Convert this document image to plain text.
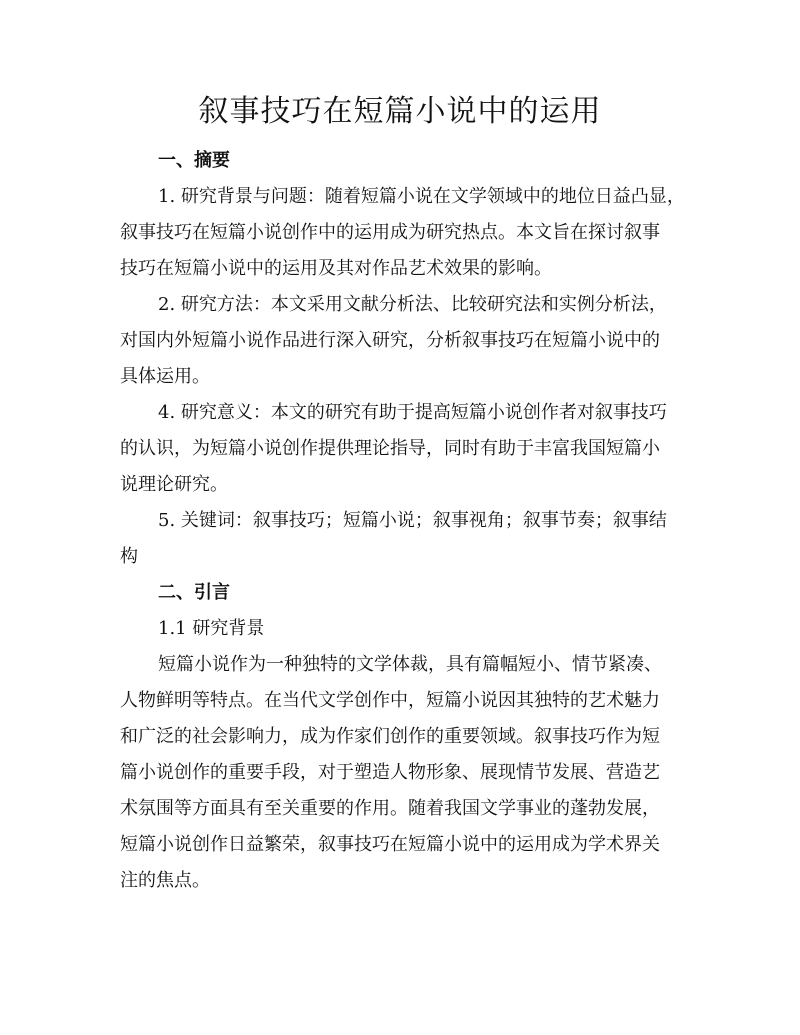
叙事技巧在短篇小说中的运用

一、摘要

1. 研究背景与问题：随着短篇小说在文学领域中的地位日益凸显，

叙事技巧在短篇小说创作中的运用成为研究热点。本文旨在探讨叙事

技巧在短篇小说中的运用及其对作品艺术效果的影响。

2. 研究方法：本文采用文献分析法、比较研究法和实例分析法，

对国内外短篇小说作品进行深入研究，分析叙事技巧在短篇小说中的

具体运用。

4. 研究意义：本文的研究有助于提高短篇小说创作者对叙事技巧

的认识，为短篇小说创作提供理论指导，同时有助于丰富我国短篇小

说理论研究。

5. 关键词：叙事技巧；短篇小说；叙事视角；叙事节奏；叙事结

构

二、引言

1.1 研究背景

短篇小说作为一种独特的文学体裁，具有篇幅短小、情节紧凑、

人物鲜明等特点。在当代文学创作中，短篇小说因其独特的艺术魅力

和广泛的社会影响力，成为作家们创作的重要领域。叙事技巧作为短

篇小说创作的重要手段，对于塑造人物形象、展现情节发展、营造艺

术氛围等方面具有至关重要的作用。随着我国文学事业的蓬勃发展，

短篇小说创作日益繁荣，叙事技巧在短篇小说中的运用成为学术界关

注的焦点。
